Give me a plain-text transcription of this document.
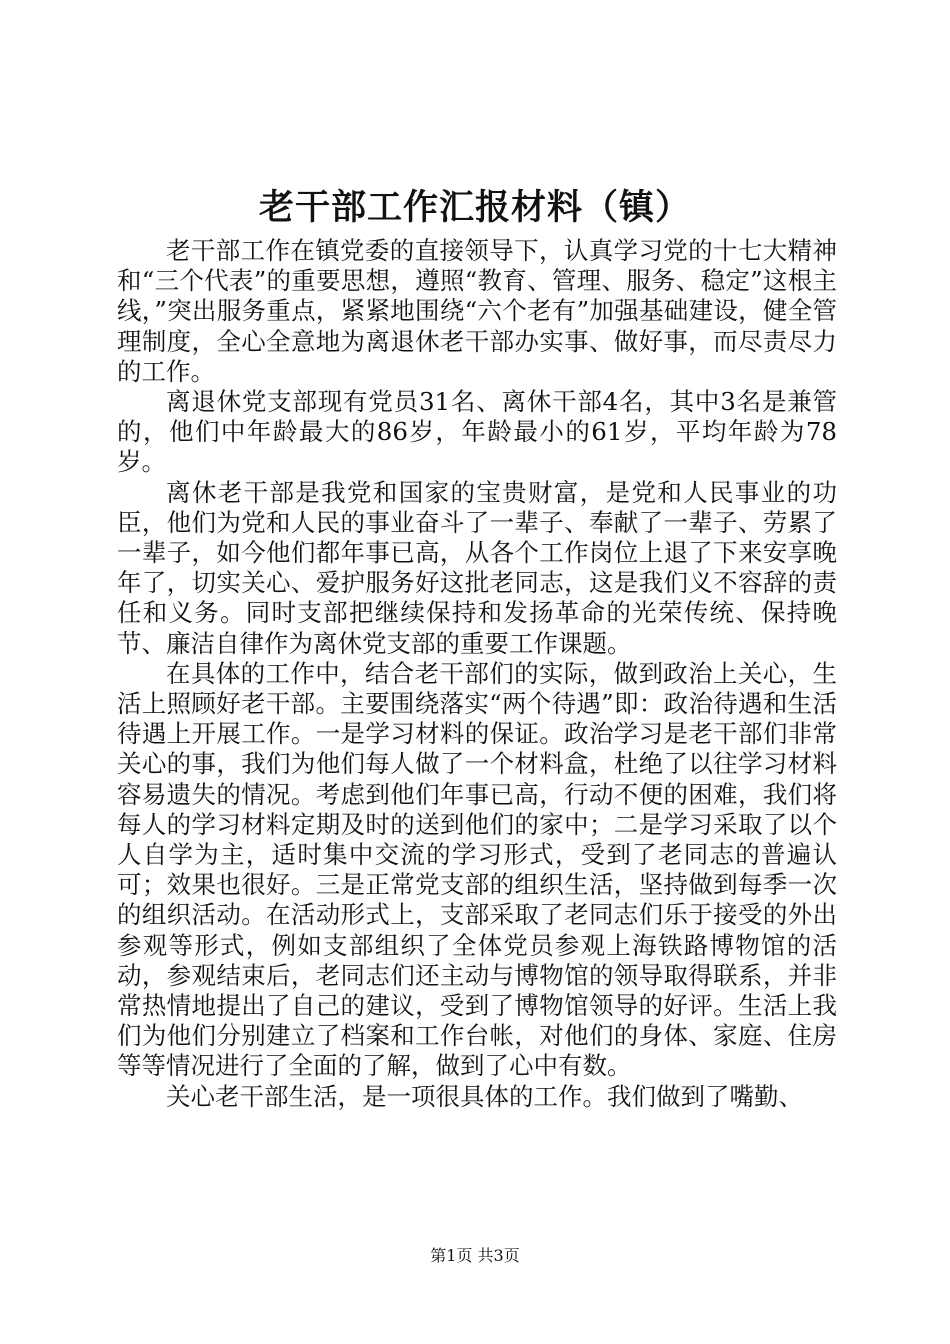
老干部工作汇报材料（镇）

老干部工作在镇党委的直接领导下，认真学习党的十七大精神和“三个代表”的重要思想，遵照“教育、管理、服务、稳定”这根主线，”突出服务重点，紧紧地围绕“六个老有”加强基础建设，健全管理制度，全心全意地为离退休老干部办实事、做好事，而尽责尽力的工作。

离退休党支部现有党员31名、离休干部4名，其中3名是兼管的，他们中年龄最大的86岁，年龄最小的61岁，平均年龄为78岁。

离休老干部是我党和国家的宝贵财富，是党和人民事业的功臣，他们为党和人民的事业奋斗了一辈子、奉献了一辈子、劳累了一辈子，如今他们都年事已高，从各个工作岗位上退了下来安享晚年了，切实关心、爱护服务好这批老同志，这是我们义不容辞的责任和义务。同时支部把继续保持和发扬革命的光荣传统、保持晚节、廉洁自律作为离休党支部的重要工作课题。

在具体的工作中，结合老干部们的实际，做到政治上关心，生活上照顾好老干部。主要围绕落实“两个待遇”即：政治待遇和生活待遇上开展工作。一是学习材料的保证。政治学习是老干部们非常关心的事，我们为他们每人做了一个材料盒，杜绝了以往学习材料容易遗失的情况。考虑到他们年事已高，行动不便的困难，我们将每人的学习材料定期及时的送到他们的家中；二是学习采取了以个人自学为主，适时集中交流的学习形式，受到了老同志的普遍认可；效果也很好。三是正常党支部的组织生活，坚持做到每季一次的组织活动。在活动形式上，支部采取了老同志们乐于接受的外出参观等形式，例如支部组织了全体党员参观上海铁路博物馆的活动，参观结束后，老同志们还主动与博物馆的领导取得联系，并非常热情地提出了自己的建议，受到了博物馆领导的好评。生活上我们为他们分别建立了档案和工作台帐，对他们的身体、家庭、住房等等情况进行了全面的了解，做到了心中有数。

关心老干部生活，是一项很具体的工作。我们做到了嘴勤、

第1页 共3页
